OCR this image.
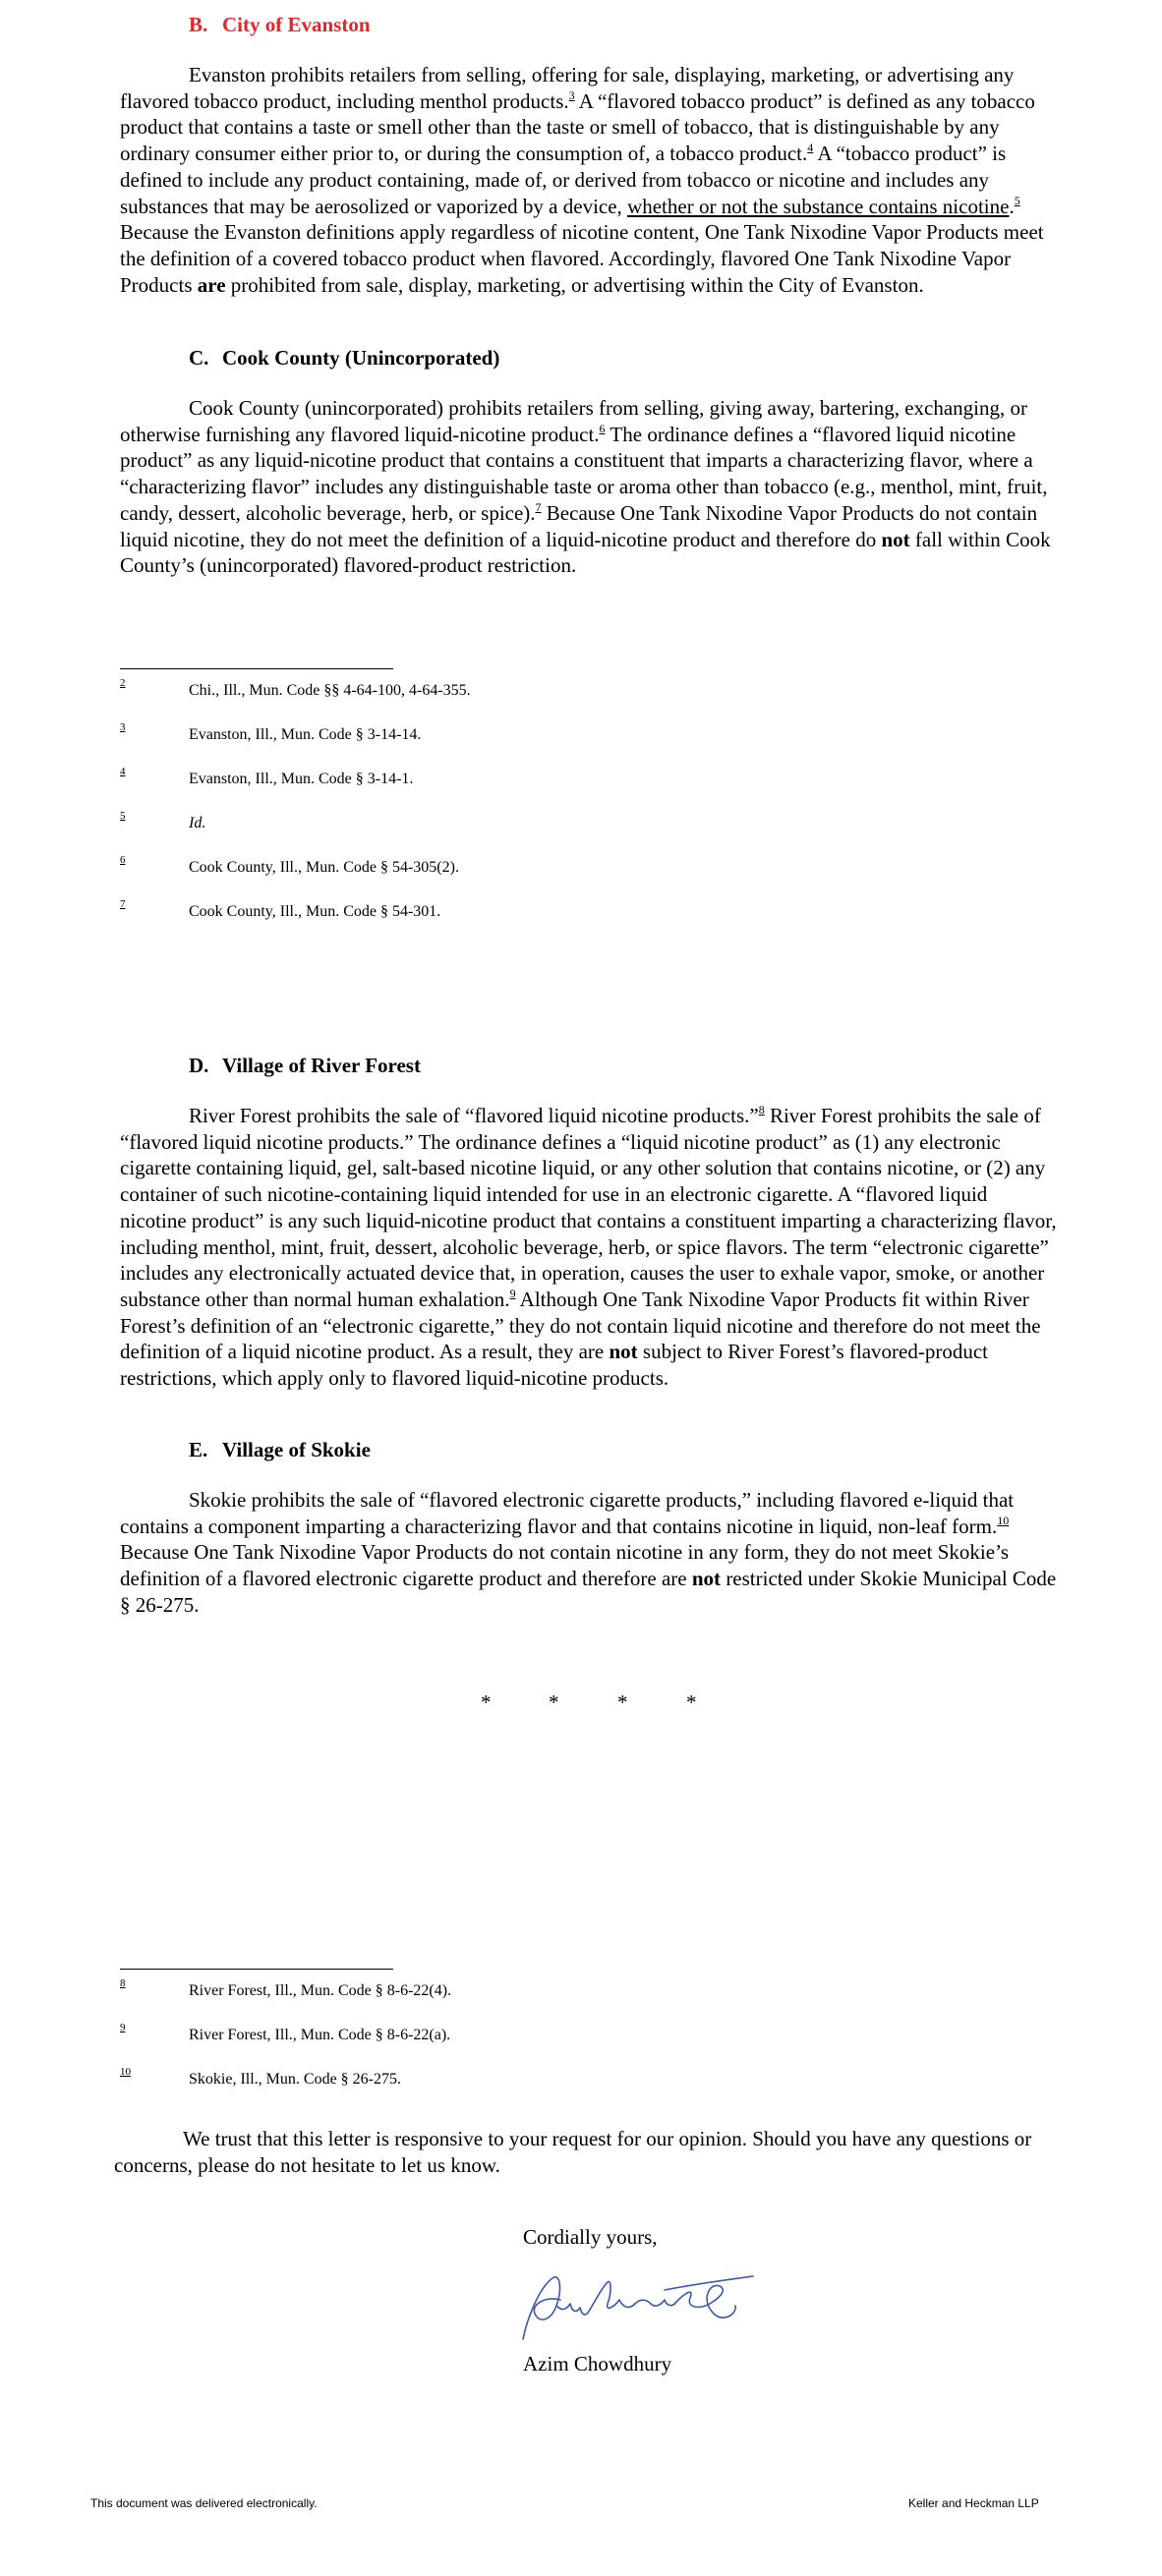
B. City of Evanston

Evanston prohibits retailers from selling, offering for sale, displaying, marketing, or advertising any flavored tobacco product, including menthol products.$^3$ A “flavored tobacco product” is defined as any tobacco product that contains a taste or smell other than the taste or smell of tobacco, that is distinguishable by any ordinary consumer either prior to, or during the consumption of, a tobacco product.$^4$ A “tobacco product” is defined to include any product containing, made of, or derived from tobacco or nicotine and includes any substances that may be aerosolized or vaporized by a device, whether or not the substance contains nicotine.$^5$ Because the Evanston definitions apply regardless of nicotine content, One Tank Nixodine Vapor Products meet the definition of a covered tobacco product when flavored. Accordingly, flavored One Tank Nixodine Vapor Products are prohibited from sale, display, marketing, or advertising within the City of Evanston.

C. Cook County (Unincorporated)

Cook County (unincorporated) prohibits retailers from selling, giving away, bartering, exchanging, or otherwise furnishing any flavored liquid-nicotine product.$^6$ The ordinance defines a “flavored liquid nicotine product” as any liquid-nicotine product that contains a constituent that imparts a characterizing flavor, where a “characterizing flavor” includes any distinguishable taste or aroma other than tobacco (e.g., menthol, mint, fruit, candy, dessert, alcoholic beverage, herb, or spice).$^7$ Because One Tank Nixodine Vapor Products do not contain liquid nicotine, they do not meet the definition of a liquid-nicotine product and therefore do not fall within Cook County’s (unincorporated) flavored-product restriction.

2	Chi., Ill., Mun. Code §§ 4-64-100, 4-64-355.
3	Evanston, Ill., Mun. Code § 3-14-14.
4	Evanston, Ill., Mun. Code § 3-14-1.
5	Id.
6	Cook County, Ill., Mun. Code § 54-305(2).
7	Cook County, Ill., Mun. Code § 54-301.
D. Village of River Forest

River Forest prohibits the sale of “flavored liquid nicotine products.”$^8$ River Forest prohibits the sale of “flavored liquid nicotine products.” The ordinance defines a “liquid nicotine product” as (1) any electronic cigarette containing liquid, gel, salt-based nicotine liquid, or any other solution that contains nicotine, or (2) any container of such nicotine-containing liquid intended for use in an electronic cigarette. A “flavored liquid nicotine product” is any such liquid-nicotine product that contains a constituent imparting a characterizing flavor, including menthol, mint, fruit, dessert, alcoholic beverage, herb, or spice flavors. The term “electronic cigarette” includes any electronically actuated device that, in operation, causes the user to exhale vapor, smoke, or another substance other than normal human exhalation.$^9$ Although One Tank Nixodine Vapor Products fit within River Forest’s definition of an “electronic cigarette,” they do not contain liquid nicotine and therefore do not meet the definition of a liquid nicotine product. As a result, they are not subject to River Forest’s flavored-product restrictions, which apply only to flavored liquid-nicotine products.

E. Village of Skokie

Skokie prohibits the sale of “flavored electronic cigarette products,” including flavored e-liquid that contains a component imparting a characterizing flavor and that contains nicotine in liquid, non-leaf form.$^{10}$ Because One Tank Nixodine Vapor Products do not contain nicotine in any form, they do not meet Skokie’s definition of a flavored electronic cigarette product and therefore are not restricted under Skokie Municipal Code § 26-275.

*	*	*	*
8	River Forest, Ill., Mun. Code § 8-6-22(4).
9	River Forest, Ill., Mun. Code § 8-6-22(a).
10	Skokie, Ill., Mun. Code § 26-275.

We trust that this letter is responsive to your request for our opinion. Should you have any questions or concerns, please do not hesitate to let us know.

Cordially yours,
Azim Chowdhury
This document was delivered electronically.	Keller and Heckman LLP
